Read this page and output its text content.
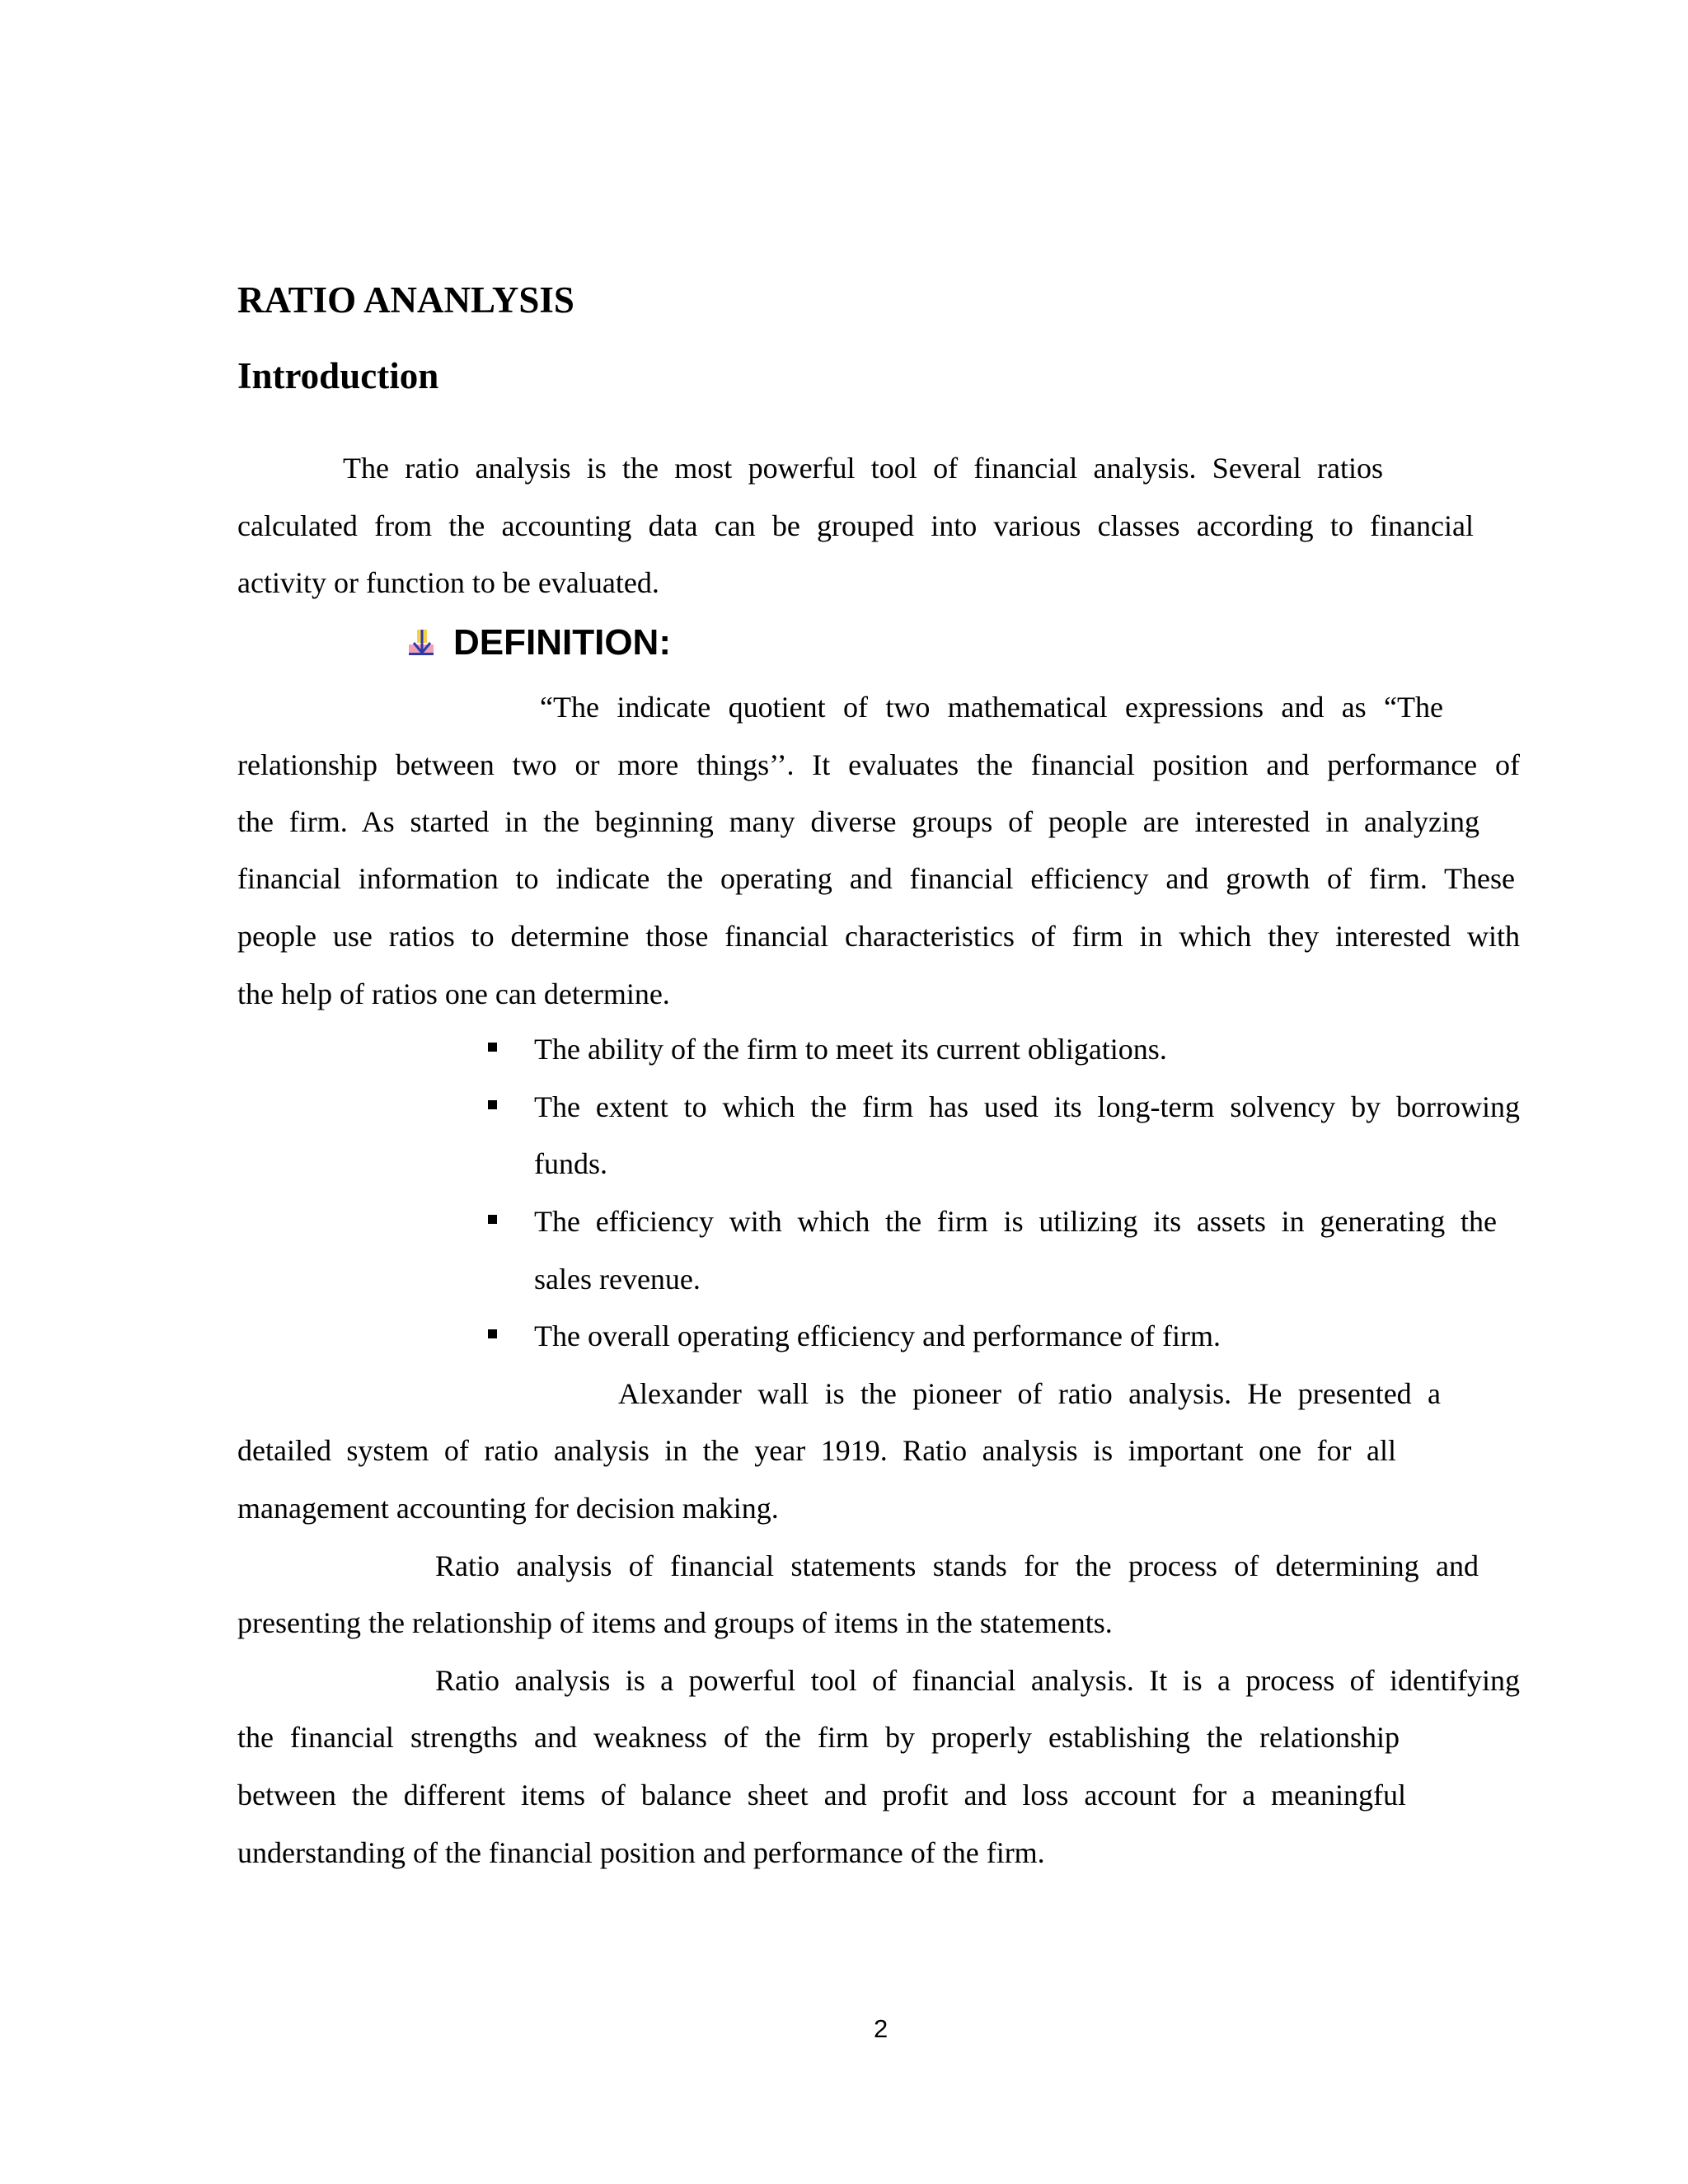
RATIO ANANLYSIS
Introduction
The ratio analysis is the most powerful tool of financial analysis. Several ratios
calculated from the accounting data can be grouped into various classes according to financial
activity or function to be evaluated.
DEFINITION:
“The indicate quotient of two mathematical expressions and as “The
relationship between two or more things’’. It evaluates the financial position and performance of
the firm. As started in the beginning many diverse groups of people are interested in analyzing
financial information to indicate the operating and financial efficiency and growth of firm. These
people use ratios to determine those financial characteristics of firm in which they interested with
the help of ratios one can determine.
The ability of the firm to meet its current obligations.
The extent to which the firm has used its long-term solvency by borrowing
funds.
The efficiency with which the firm is utilizing its assets in generating the
sales revenue.
The overall operating efficiency and performance of firm.
Alexander wall is the pioneer of ratio analysis. He presented a
detailed system of ratio analysis in the year 1919. Ratio analysis is important one for all
management accounting for decision making.
Ratio analysis of financial statements stands for the process of determining and
presenting the relationship of items and groups of items in the statements.
Ratio analysis is a powerful tool of financial analysis. It is a process of identifying
the financial strengths and weakness of the firm by properly establishing the relationship
between the different items of balance sheet and profit and loss account for a meaningful
understanding of the financial position and performance of the firm.
2
